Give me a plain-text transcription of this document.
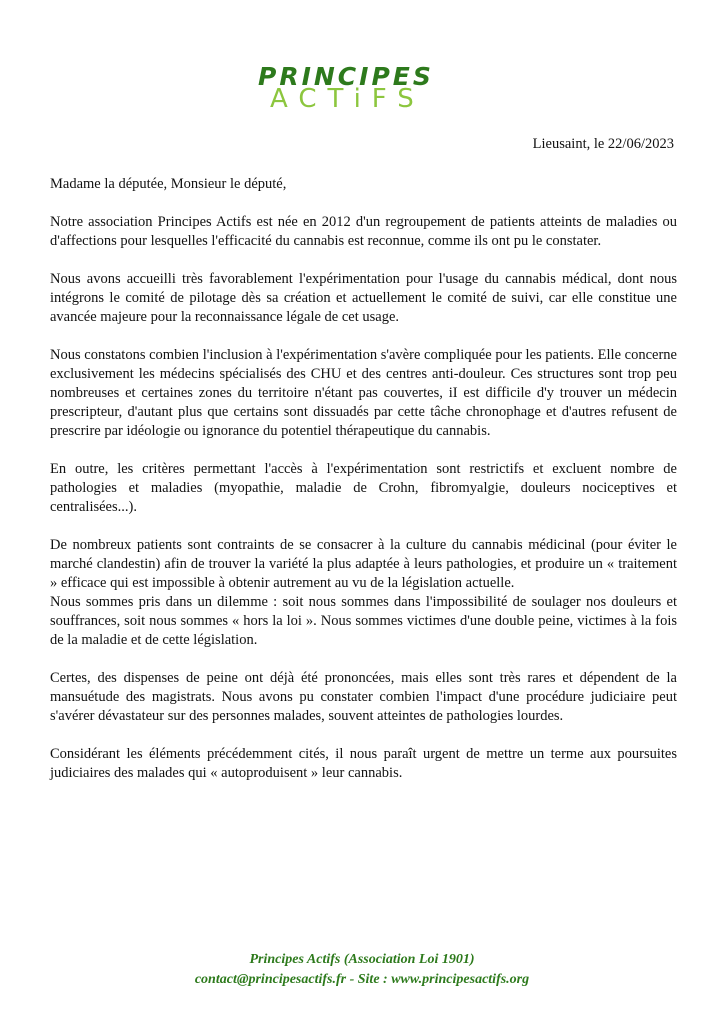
PRINCIPES
ACTiFS
Lieusaint, le 22/06/2023

Madame la députée, Monsieur le député,

Notre association Principes Actifs est née en 2012 d'un regroupement de patients atteints de maladies ou d'affections pour lesquelles l'efficacité du cannabis est reconnue, comme ils ont pu le constater.

Nous avons accueilli très favorablement l'expérimentation pour l'usage du cannabis médical, dont nous intégrons le comité de pilotage dès sa création et actuellement le comité de suivi, car elle constitue une avancée majeure pour la reconnaissance légale de cet usage.

Nous constatons combien l'inclusion à l'expérimentation s'avère compliquée pour les patients. Elle concerne exclusivement les médecins spécialisés des CHU et des centres anti-douleur. Ces structures sont trop peu nombreuses et certaines zones du territoire n'étant pas couvertes, iI est difficile d'y trouver un médecin prescripteur, d'autant plus que certains sont dissuadés par cette tâche chronophage et d'autres refusent de prescrire par idéologie ou ignorance du potentiel thérapeutique du cannabis.

En outre, les critères permettant l'accès à l'expérimentation sont restrictifs et excluent nombre de pathologies et maladies (myopathie, maladie de Crohn, fibromyalgie, douleurs nociceptives et centralisées...).

De nombreux patients sont contraints de se consacrer à la culture du cannabis médicinal (pour éviter le marché clandestin) afin de trouver la variété la plus adaptée à leurs pathologies, et produire un « traitement » efficace qui est impossible à obtenir autrement au vu de la législation actuelle.

Nous sommes pris dans un dilemme : soit nous sommes dans l'impossibilité de soulager nos douleurs et souffrances, soit nous sommes « hors la loi ». Nous sommes victimes d'une double peine, victimes à la fois de la maladie et de cette législation.

Certes, des dispenses de peine ont déjà été prononcées, mais elles sont très rares et dépendent de la mansuétude des magistrats. Nous avons pu constater combien l'impact d'une procédure judiciaire peut s'avérer dévastateur sur des personnes malades, souvent atteintes de pathologies lourdes.

Considérant les éléments précédemment cités, il nous paraît urgent de mettre un terme aux poursuites judiciaires des malades qui « autoproduisent » leur cannabis.

Principes Actifs (Association Loi 1901)
contact@principesactifs.fr - Site : www.principesactifs.org
